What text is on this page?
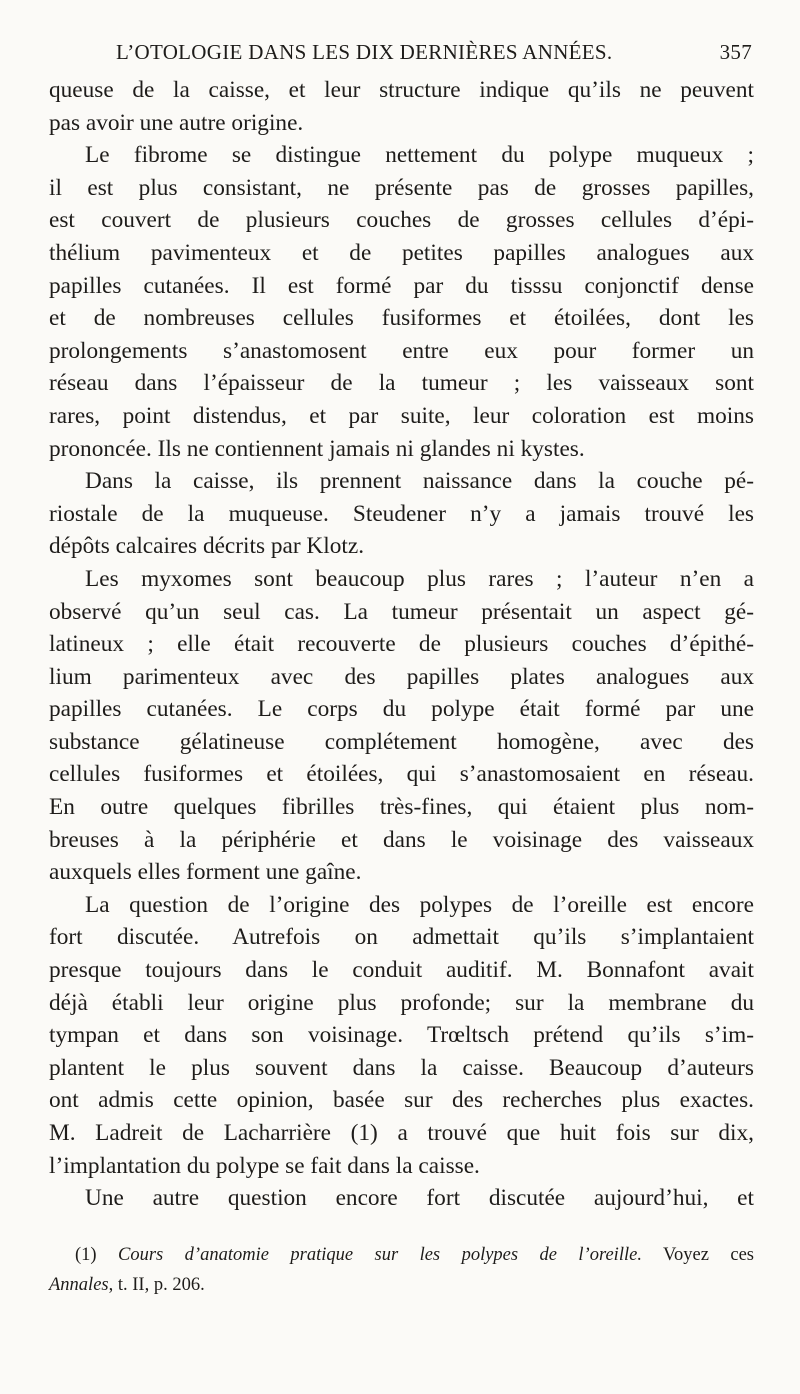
L’OTOLOGIE DANS LES DIX DERNIÈRES ANNÉES.	357
queuse de la caisse, et leur structure indique qu’ils ne peuvent
pas avoir une autre origine.
Le fibrome se distingue nettement du polype muqueux ;
il est plus consistant, ne présente pas de grosses papilles,
est couvert de plusieurs couches de grosses cellules d’épi-
thélium pavimenteux et de petites papilles analogues aux
papilles cutanées. Il est formé par du tisssu conjonctif dense
et de nombreuses cellules fusiformes et étoilées, dont les
prolongements s’anastomosent entre eux pour former un
réseau dans l’épaisseur de la tumeur ; les vaisseaux sont
rares, point distendus, et par suite, leur coloration est moins
prononcée. Ils ne contiennent jamais ni glandes ni kystes.
Dans la caisse, ils prennent naissance dans la couche pé-
riostale de la muqueuse. Steudener n’y a jamais trouvé les
dépôts calcaires décrits par Klotz.
Les myxomes sont beaucoup plus rares ; l’auteur n’en a
observé qu’un seul cas. La tumeur présentait un aspect gé-
latineux ; elle était recouverte de plusieurs couches d’épithé-
lium parimenteux avec des papilles plates analogues aux
papilles cutanées. Le corps du polype était formé par une
substance gélatineuse complétement homogène, avec des
cellules fusiformes et étoilées, qui s’anastomosaient en réseau.
En outre quelques fibrilles très-fines, qui étaient plus nom-
breuses à la périphérie et dans le voisinage des vaisseaux
auxquels elles forment une gaîne.
La question de l’origine des polypes de l’oreille est encore
fort discutée. Autrefois on admettait qu’ils s’implantaient
presque toujours dans le conduit auditif. M. Bonnafont avait
déjà établi leur origine plus profonde; sur la membrane du
tympan et dans son voisinage. Trœltsch prétend qu’ils s’im-
plantent le plus souvent dans la caisse. Beaucoup d’auteurs
ont admis cette opinion, basée sur des recherches plus exactes.
M. Ladreit de Lacharrière (1) a trouvé que huit fois sur dix,
l’implantation du polype se fait dans la caisse.
Une autre question encore fort discutée aujourd’hui, et
(1) Cours d’anatomie pratique sur les polypes de l’oreille. Voyez ces
Annales, t. II, p. 206.
